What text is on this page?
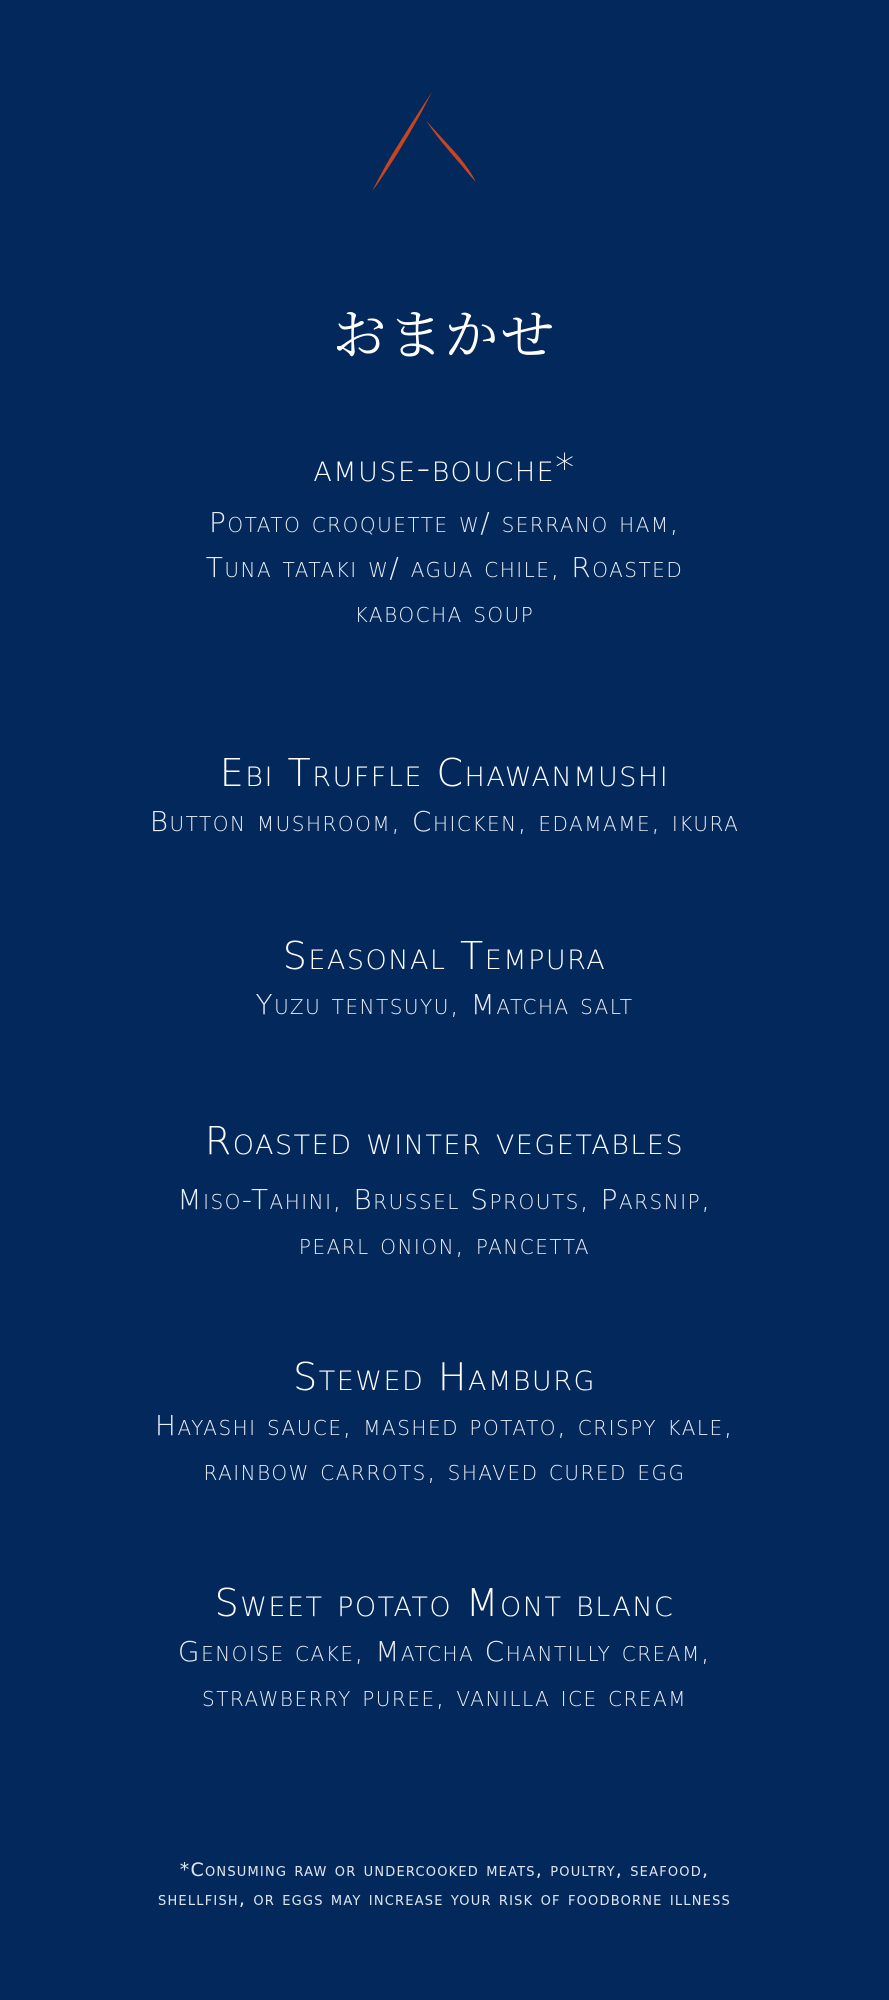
おまかせ
amuse-bouche*
Potato croquette w/ serrano ham,
Tuna tataki w/ agua chile, Roasted
kabocha soup
Ebi Truffle Chawanmushi
Button mushroom, Chicken, edamame, ikura
Seasonal Tempura
Yuzu tentsuyu, Matcha salt
Roasted winter vegetables
Miso-Tahini, Brussel Sprouts, Parsnip,
pearl onion, pancetta
Stewed Hamburg
Hayashi sauce, mashed potato, crispy kale,
rainbow carrots, shaved cured egg
Sweet potato Mont blanc
Genoise cake, Matcha Chantilly cream,
strawberry puree, vanilla ice cream
*Consuming raw or undercooked meats, poultry, seafood,
shellfish, or eggs may increase your risk of foodborne illness
